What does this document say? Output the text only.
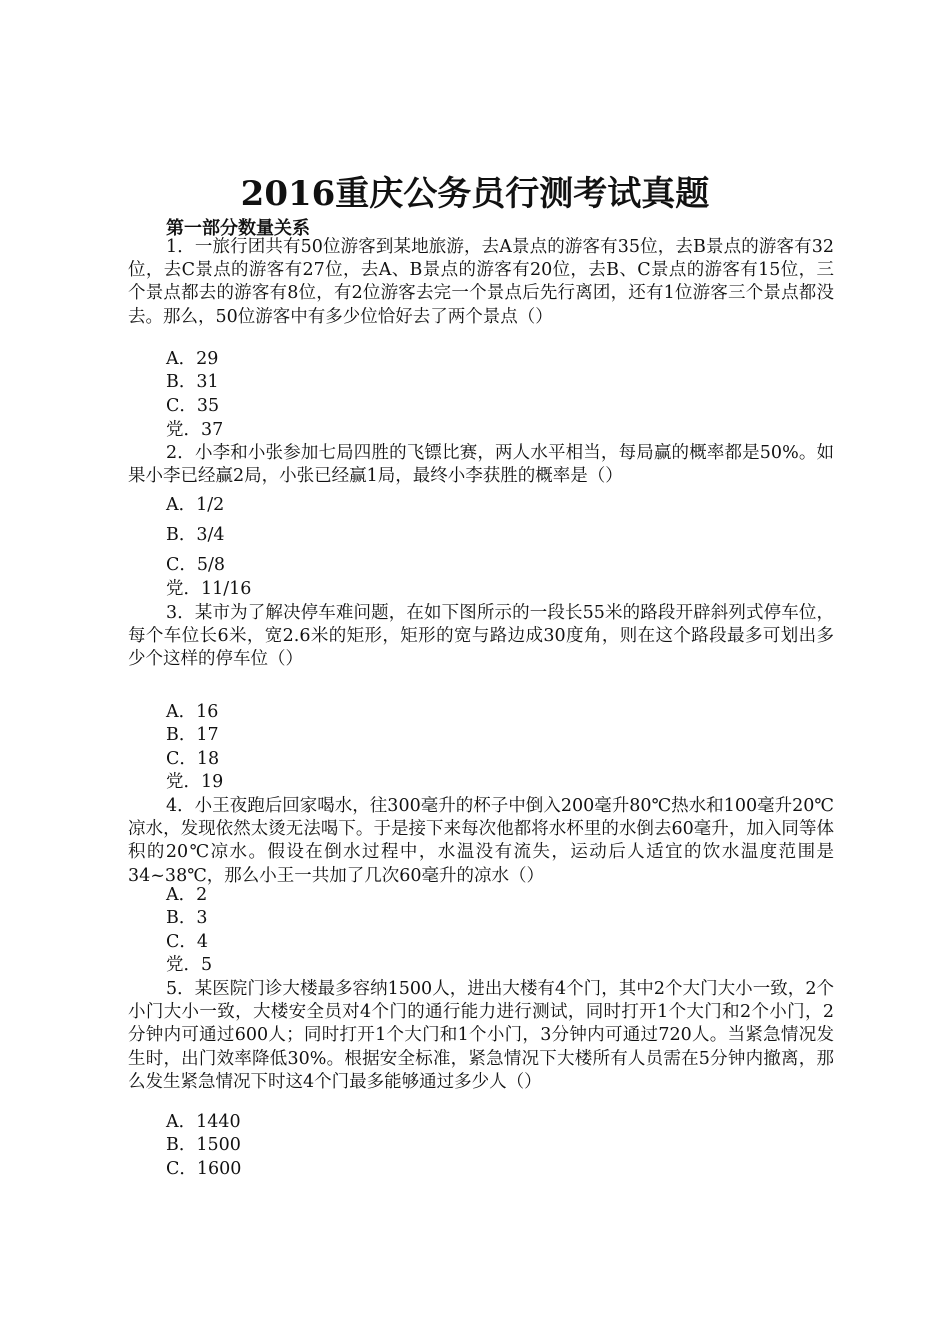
2016重庆公务员行测考试真题
第一部分数量关系

1．一旅行团共有50位游客到某地旅游，去A景点的游客有35位，去B景点的游客有32位，去C景点的游客有27位，去A、B景点的游客有20位，去B、C景点的游客有15位，三个景点都去的游客有8位，有2位游客去完一个景点后先行离团，还有1位游客三个景点都没去。那么，50位游客中有多少位恰好去了两个景点（）

A．29
B．31
C．35
党．37

2．小李和小张参加七局四胜的飞镖比赛，两人水平相当，每局赢的概率都是50%。如果小李已经赢2局，小张已经赢1局，最终小李获胜的概率是（）

A．1/2
B．3/4
C．5/8
党．11/16

3．某市为了解决停车难问题，在如下图所示的一段长55米的路段开辟斜列式停车位，每个车位长6米，宽2.6米的矩形，矩形的宽与路边成30度角，则在这个路段最多可划出多少个这样的停车位（）

A．16
B．17
C．18
党．19

4．小王夜跑后回家喝水，往300毫升的杯子中倒入200毫升80℃热水和100毫升20℃凉水，发现依然太烫无法喝下。于是接下来每次他都将水杯里的水倒去60毫升，加入同等体积的20℃凉水。假设在倒水过程中，水温没有流失，运动后人适宜的饮水温度范围是34~38℃，那么小王一共加了几次60毫升的凉水（）

A．2
B．3
C．4
党．5

5．某医院门诊大楼最多容纳1500人，进出大楼有4个门，其中2个大门大小一致，2个小门大小一致，大楼安全员对4个门的通行能力进行测试，同时打开1个大门和2个小门，2分钟内可通过600人；同时打开1个大门和1个小门，3分钟内可通过720人。当紧急情况发生时，出门效率降低30%。根据安全标准，紧急情况下大楼所有人员需在5分钟内撤离，那么发生紧急情况下时这4个门最多能够通过多少人（）

A．1440
B．1500
C．1600
